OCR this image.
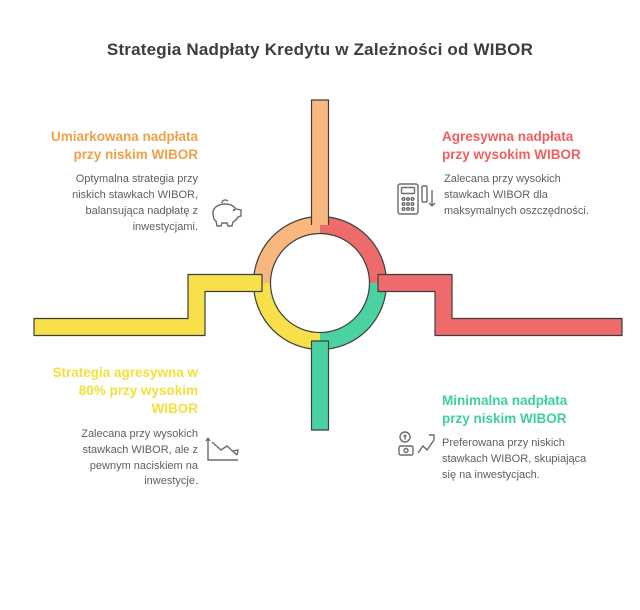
Strategia Nadpłaty Kredytu w Zależności od WIBOR

Umiarkowana nadpłata przy niskim WIBOR

Optymalna strategia przy niskich stawkach WIBOR, balansująca nadpłatę z inwestycjami.

Agresywna nadpłata przy wysokim WIBOR

Zalecana przy wysokich stawkach WIBOR dla maksymalnych oszczędności.

Strategia agresywna w 80% przy wysokim WIBOR

Zalecana przy wysokich stawkach WIBOR, ale z pewnym naciskiem na inwestycje.

Minimalna nadpłata przy niskim WIBOR

Preferowana przy niskich stawkach WIBOR, skupiająca się na inwestycjach.
